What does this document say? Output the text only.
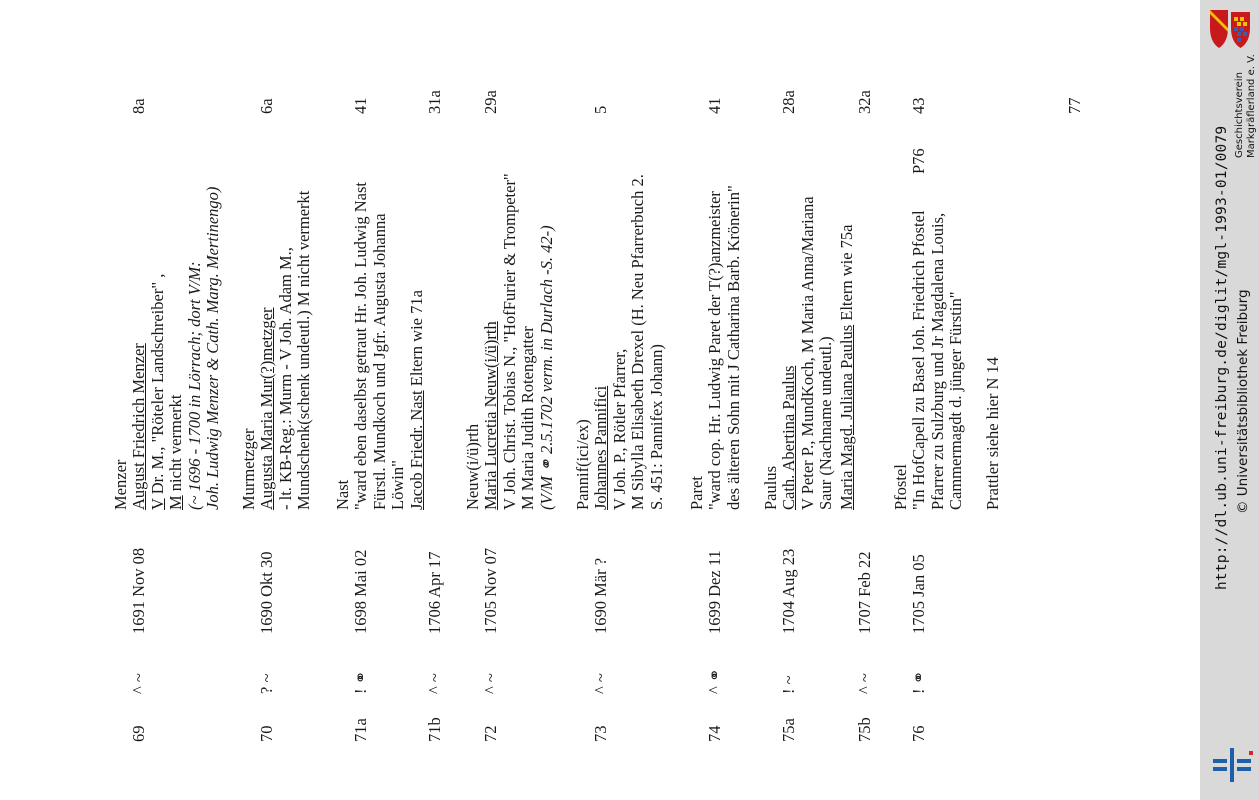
69
^ ~
1691 Nov 08
8a
Menzer August Friedrich Menzer V Dr. M., "Röteler Landschreiber" ,
M nicht vermerkt (~ 1696 - 1700 in Lörrach; dort V/M: Joh. Ludwig Menzer & Cath. Marg. Mertinengo)
70
? ~
1690 Okt 30
6a
Murmetzger Augusta Maria Mur(?)metzger - lt. KB-Reg.: Murm - V Joh. Adam M., Mundschenk(schenk undeutl.) M nicht vermerkt
71a
! ⚭
1698 Mai 02
41
Nast "ward eben daselbst getraut Hr. Joh. Ludwig Nast Fürstl. Mundkoch und Jgfr. Augusta Johanna Löwin"
71b
^ ~
1706 Apr 17
31a
Jacob Friedr. Nast Eltern wie 71a
72
^ ~
1705 Nov 07
29a
Neuw(i/ü)rth Maria Lucretia Neuw(i/ü)rth V Joh. Christ. Tobias N., "HofFurier & Trompeter" M Maria Judith Rotengatter (V/M ⚭ 2.5.1702 verm. in Durlach -S. 42-)
73
^ ~
1690 Mär ?
5
Pannif(ici/ex) Johannes Pannifici V Joh. P., Rötler Pfarrer, M Sibylla Elisabeth Drexel (H. Neu Pfarrerbuch 2. S. 451: Pannifex Johann)
74
^ ⚭
1699 Dez 11
41
Paret "ward cop. Hr. Ludwig Paret der T(?)anzmeister des älteren Sohn mit J Catharina Barb. Krönerin"
75a
! ~
1704 Aug 23
28a
Paulus Cath. Abertina Paulus V Peter P., MundKoch, M Maria Anna/Mariana Saur (Nachname undeutl.)
75b
^ ~
1707 Feb 22
32a
Maria Magd. Juliana Paulus Eltern wie 75a
76
! ⚭
1705 Jan 05
43
P76
Pfostel "In HofCapell zu Basel Joh. Friedrich Pfostel Pfarrer zu Sulzburg und Jr Magdalena Louis, Cammermagdt d. jünger Fürstin" Prattler siehe hier N 14
77
http://dl.ub.uni-freiburg.de/diglit/mgl-1993-01/0079 © Universitätsbibliothek Freiburg
Geschichtsverein Markgräflerland e. V.
